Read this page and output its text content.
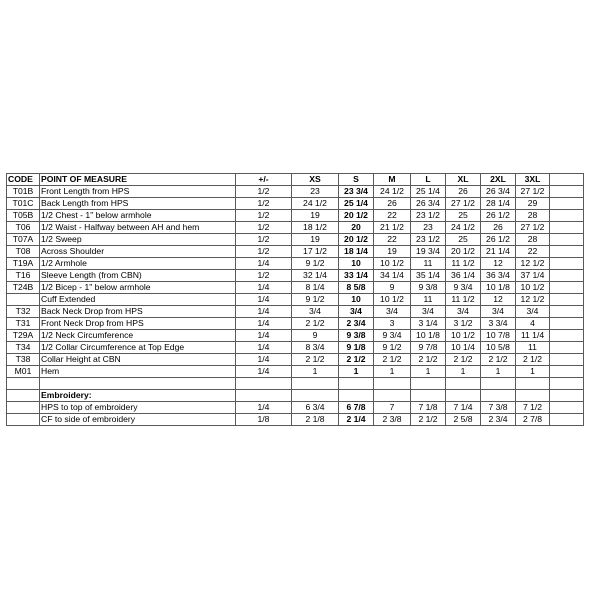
CODE	POINT OF MEASURE	+/-	XS	S	M	L	XL	2XL	3XL	
T01B	Front Length from HPS	1/2	23	23 3/4	24 1/2	25 1/4	26	26 3/4	27 1/2	
T01C	Back Length from HPS	1/2	24 1/2	25 1/4	26	26 3/4	27 1/2	28 1/4	29	
T05B	1/2 Chest - 1" below armhole	1/2	19	20 1/2	22	23 1/2	25	26 1/2	28	
T06	1/2 Waist - Halfway between AH and hem	1/2	18 1/2	20	21 1/2	23	24 1/2	26	27 1/2	
T07A	1/2 Sweep	1/2	19	20 1/2	22	23 1/2	25	26 1/2	28	
T08	Across Shoulder	1/2	17 1/2	18 1/4	19	19 3/4	20 1/2	21 1/4	22	
T19A	1/2 Armhole	1/4	9 1/2	10	10 1/2	11	11 1/2	12	12 1/2	
T16	Sleeve Length (from CBN)	1/2	32 1/4	33 1/4	34 1/4	35 1/4	36 1/4	36 3/4	37 1/4	
T24B	1/2 Bicep - 1" below armhole	1/4	8 1/4	8 5/8	9	9 3/8	9 3/4	10 1/8	10 1/2	
	Cuff Extended	1/4	9 1/2	10	10 1/2	11	11 1/2	12	12 1/2	
T32	Back Neck Drop from HPS	1/4	3/4	3/4	3/4	3/4	3/4	3/4	3/4	
T31	Front Neck Drop from HPS	1/4	2 1/2	2 3/4	3	3 1/4	3 1/2	3 3/4	4	
T29A	1/2 Neck Circumference	1/4	9	9 3/8	9 3/4	10 1/8	10 1/2	10 7/8	11 1/4	
T34	1/2 Collar Circumference at Top Edge	1/4	8 3/4	9 1/8	9 1/2	9 7/8	10 1/4	10 5/8	11	
T38	Collar Height at CBN	1/4	2 1/2	2 1/2	2 1/2	2 1/2	2 1/2	2 1/2	2 1/2	
M01	Hem	1/4	1	1	1	1	1	1	1	

	Embroidery:									
	HPS to top of embroidery	1/4	6 3/4	6 7/8	7	7 1/8	7 1/4	7 3/8	7 1/2	
	CF to side of embroidery	1/8	2 1/8	2 1/4	2 3/8	2 1/2	2 5/8	2 3/4	2 7/8	
